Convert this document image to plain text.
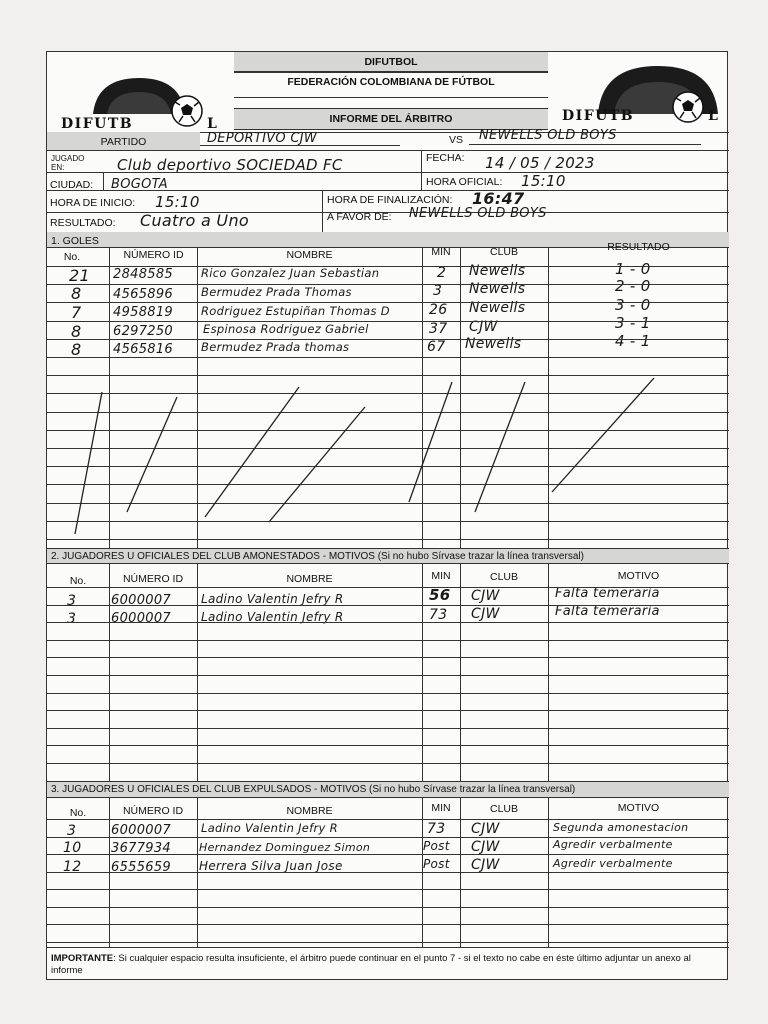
DIFUTBOL
FEDERACIÓN COLOMBIANA DE FÚTBOL
INFORME DEL ÁRBITRO
DIFUTB	L	DIFUTB	L
PARTIDO	DEPORTIVO CJW	VS NEWELLS OLD BOYS
JUGADO EN:	Club deportivo SOCIEDAD FC	FECHA: 14 / 05 / 2023
CIUDAD: BOGOTA	HORA OFICIAL: 15:10
HORA DE INICIO: 15:10	HORA DE FINALIZACIÓN: 16:47
RESULTADO: Cuatro a Uno	A FAVOR DE: NEWELLS OLD BOYS
1. GOLES
No.	NÚMERO ID	NOMBRE	MIN	CLUB	RESULTADO
21 2848585 Rico Gonzalez Juan Sebastian	2 Newells	1 - 0
8 4565896 Bermudez Prada Thomas	3 Newells	2 - 0
7 4958819 Rodriguez Estupiñan Thomas D	26 Newells	3 - 0
8 6297250	Espinosa Rodriguez Gabriel	37 CJW	3 - 1
8 4565816 Bermudez Prada thomas	67 Newells	4 - 1
2. JUGADORES U OFICIALES DEL CLUB AMONESTADOS - MOTIVOS (Si no hubo Sírvase trazar la línea transversal)
No.	NÚMERO ID	NOMBRE	MIN	CLUB	MOTIVO
3	6000007	Ladino Valentin Jefry R	56 CJW	Falta temeraria
3	6000007	Ladino Valentin Jefry R	73 CJW	Falta temeraria
3. JUGADORES U OFICIALES DEL CLUB EXPULSADOS - MOTIVOS (Si no hubo Sírvase trazar la línea transversal)
No.	NÚMERO ID	NOMBRE	MIN	CLUB	MOTIVO
3	6000007	Ladino Valentin Jefry R	73 CJW	Segunda amonestacion
10 3677934	Hernandez Dominguez Simon	Post CJW	Agredir verbalmente
12 6555659 Herrera Silva Juan Jose	Post CJW	Agredir verbalmente
IMPORTANTE: Si cualquier espacio resulta insuficiente, el árbitro puede continuar en el punto 7 - si el texto no cabe en éste último adjuntar un anexo al informe
